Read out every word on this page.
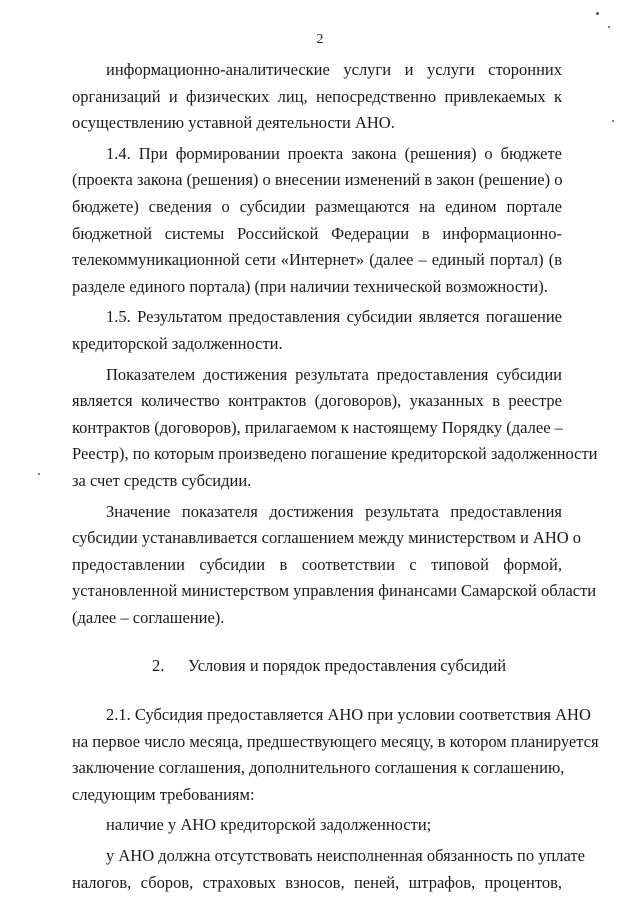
2
информационно-аналитические услуги и услуги сторонних
организаций и физических лиц, непосредственно привлекаемых к
осуществлению уставной деятельности АНО.
1.4. При формировании проекта закона (решения) о бюджете
(проекта закона (решения) о внесении изменений в закон (решение) о
бюджете) сведения о субсидии размещаются на едином портале
бюджетной системы Российской Федерации в информационно-
телекоммуникационной сети «Интернет» (далее – единый портал) (в
разделе единого портала) (при наличии технической возможности).
1.5. Результатом предоставления субсидии является погашение
кредиторской задолженности.
Показателем достижения результата предоставления субсидии
является количество контрактов (договоров), указанных в реестре
контрактов (договоров), прилагаемом к настоящему Порядку (далее –
Реестр), по которым произведено погашение кредиторской задолженности
за счет средств субсидии.
Значение показателя достижения результата предоставления
субсидии устанавливается соглашением между министерством и АНО о
предоставлении субсидии в соответствии с типовой формой,
установленной министерством управления финансами Самарской области
(далее – соглашение).
2. Условия и порядок предоставления субсидий
2.1. Субсидия предоставляется АНО при условии соответствия АНО
на первое число месяца, предшествующего месяцу, в котором планируется
заключение соглашения, дополнительного соглашения к соглашению,
следующим требованиям:
наличие у АНО кредиторской задолженности;
у АНО должна отсутствовать неисполненная обязанность по уплате
налогов, сборов, страховых взносов, пеней, штрафов, процентов,
